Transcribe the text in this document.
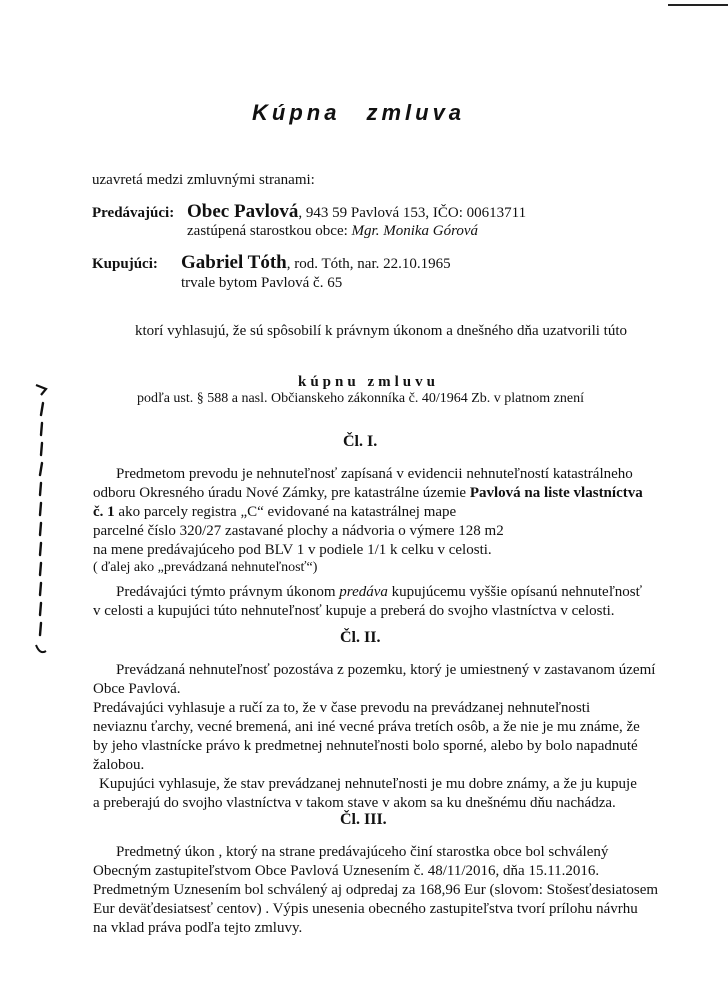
Kúpna zmluva
uzavretá medzi zmluvnými stranami:
Predávajúci: Obec Pavlová, 943 59 Pavlová 153, IČO: 00613711
zastúpená starostkou obce: Mgr. Monika Górová
Kupujúci: Gabriel Tóth, rod. Tóth, nar. 22.10.1965
trvale bytom Pavlová č. 65
ktorí vyhlasujú, že sú spôsobilí k právnym úkonom a dnešného dňa uzatvorili túto
kúpnu zmluvu
podľa ust. § 588 a nasl. Občianskeho zákonníka č. 40/1964 Zb. v platnom znení
Čl. I.
Predmetom prevodu je nehnuteľnosť zapísaná v evidencii nehnuteľností katastrálneho
odboru Okresného úradu Nové Zámky, pre katastrálne územie Pavlová na liste vlastníctva
č. 1 ako parcely registra „C“ evidované na katastrálnej mape
parcelné číslo 320/27 zastavané plochy a nádvoria o výmere 128 m2
na mene predávajúceho pod BLV 1 v podiele 1/1 k celku v celosti.
( ďalej ako „prevádzaná nehnuteľnosť“)
Predávajúci týmto právnym úkonom predáva kupujúcemu vyššie opísanú nehnuteľnosť
v celosti a kupujúci túto nehnuteľnosť kupuje a preberá do svojho vlastníctva v celosti.
Čl. II.
Prevádzaná nehnuteľnosť pozostáva z pozemku, ktorý je umiestnený v zastavanom území
Obce Pavlová.
Predávajúci vyhlasuje a ručí za to, že v čase prevodu na prevádzanej nehnuteľnosti
neviaznu ťarchy, vecné bremená, ani iné vecné práva tretích osôb, a že nie je mu známe, že
by jeho vlastnícke právo k predmetnej nehnuteľnosti bolo sporné, alebo by bolo napadnuté
žalobou.
Kupujúci vyhlasuje, že stav prevádzanej nehnuteľnosti je mu dobre známy, a že ju kupuje
a preberajú do svojho vlastníctva v takom stave v akom sa ku dnešnému dňu nachádza.
Čl. III.
Predmetný úkon , ktorý na strane predávajúceho činí starostka obce bol schválený
Obecným zastupiteľstvom Obce Pavlová Uznesením č. 48/11/2016, dňa 15.11.2016.
Predmetným Uznesením bol schválený aj odpredaj za 168,96 Eur (slovom: Stošesťdesiatosem
Eur deväťdesiatsesť centov) . Výpis unesenia obecného zastupiteľstva tvorí prílohu návrhu
na vklad práva podľa tejto zmluvy.
